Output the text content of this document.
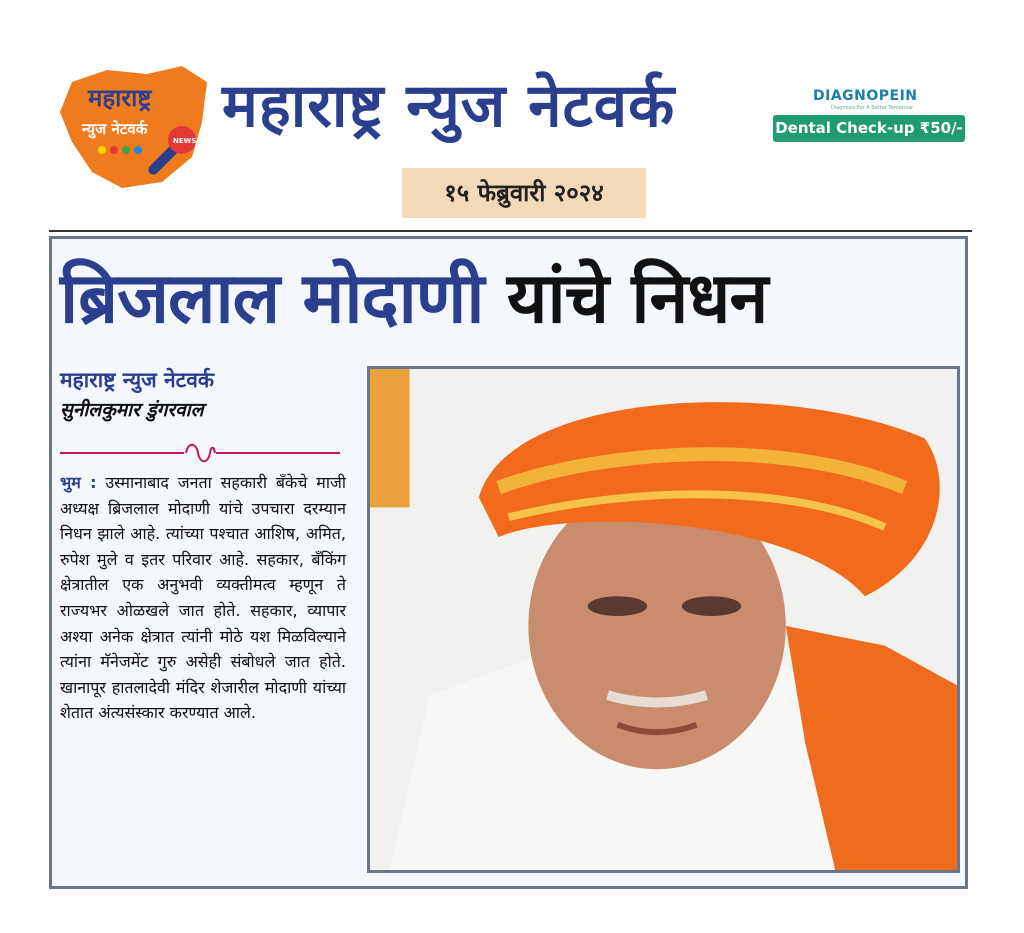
महाराष्ट्र
न्युज नेटवर्क
NEWS महाराष्ट्र न्युज नेटवर्क	DIAGNOPEIN
Diagnosis For A Better Tomorrow
Dental Check-up ₹50/-
१५ फेब्रुवारी २०२४
ब्रिजलाल मोदाणी यांचे निधन
महाराष्ट्र न्युज नेटवर्क
सुनीलकुमार डुंगरवाल
भुम : उस्मानाबाद जनता सहकारी बँकेचे माजी अध्यक्ष ब्रिजलाल मोदाणी यांचे उपचारा दरम्यान निधन झाले आहे. त्यांच्या पश्चात आशिष, अमित, रुपेश मुले व इतर परिवार आहे. सहकार, बँकिंग क्षेत्रातील एक अनुभवी व्यक्तीमत्व म्हणून ते राज्यभर ओळखले जात होते. सहकार, व्यापार अश्या अनेक क्षेत्रात त्यांनी मोठे यश मिळविल्याने त्यांना मॅनेजमेंट गुरु असेही संबोधले जात होते. खानापूर हातलादेवी मंदिर शेजारील मोदाणी यांच्या शेतात अंत्यसंस्कार करण्यात आले.
